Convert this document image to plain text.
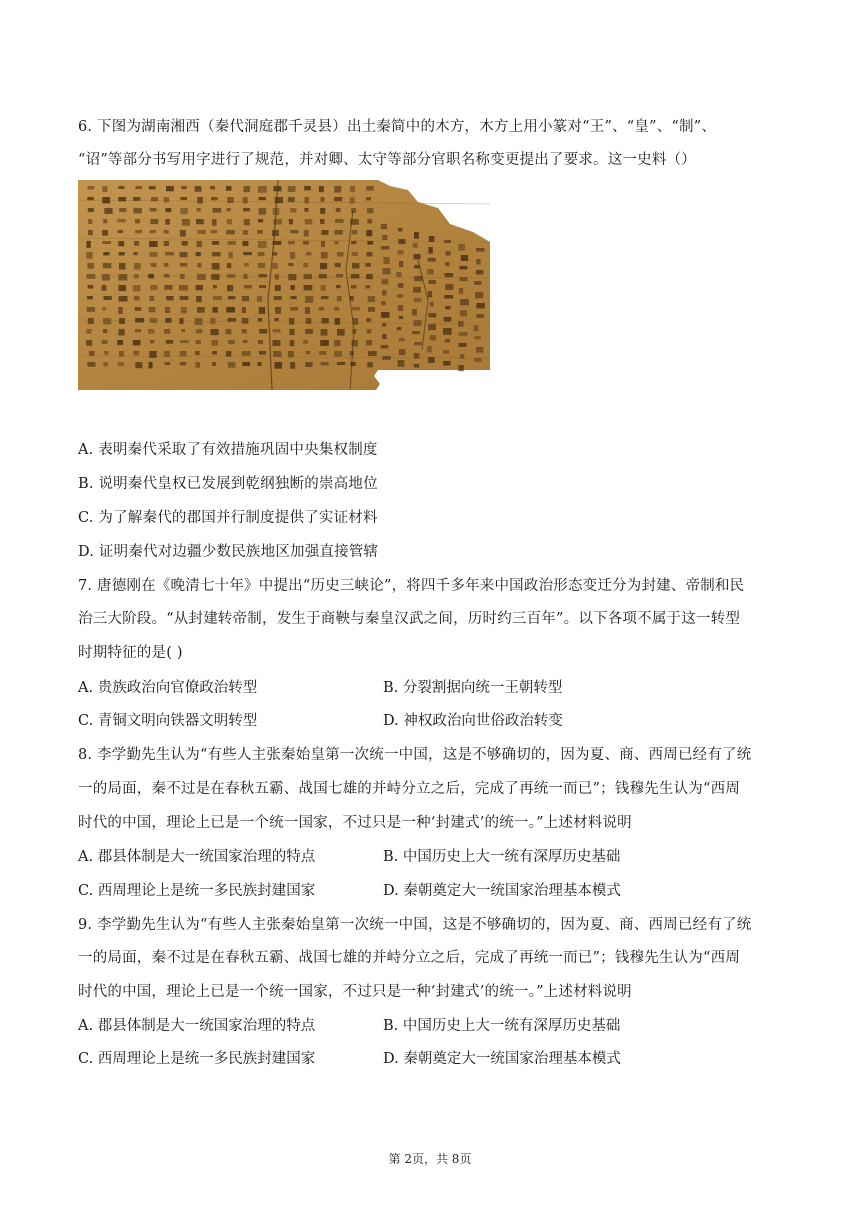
6. 下图为湖南湘西（秦代洞庭郡千灵县）出土秦简中的木方，木方上用小篆对“王”、“皇”、“制”、
“诏”等部分书写用字进行了规范，并对卿、太守等部分官职名称变更提出了要求。这一史料（）
A. 表明秦代采取了有效措施巩固中央集权制度
B. 说明秦代皇权已发展到乾纲独断的崇高地位
C. 为了解秦代的郡国并行制度提供了实证材料
D. 证明秦代对边疆少数民族地区加强直接管辖
7. 唐德刚在《晚清七十年》中提出“历史三峡论”，将四千多年来中国政治形态变迁分为封建、帝制和民
治三大阶段。“从封建转帝制，发生于商鞅与秦皇汉武之间，历时约三百年”。以下各项不属于这一转型
时期特征的是( )
A. 贵族政治向官僚政治转型	B. 分裂割据向统一王朝转型
C. 青铜文明向铁器文明转型	D. 神权政治向世俗政治转变
8. 李学勤先生认为“有些人主张秦始皇第一次统一中国，这是不够确切的，因为夏、商、西周已经有了统
一的局面，秦不过是在春秋五霸、战国七雄的并峙分立之后，完成了再统一而已”；钱穆先生认为“西周
时代的中国，理论上已是一个统一国家，不过只是一种‘封建式’的统一。”上述材料说明
A. 郡县体制是大一统国家治理的特点	B. 中国历史上大一统有深厚历史基础
C. 西周理论上是统一多民族封建国家	D. 秦朝奠定大一统国家治理基本模式
9. 李学勤先生认为“有些人主张秦始皇第一次统一中国，这是不够确切的，因为夏、商、西周已经有了统
一的局面，秦不过是在春秋五霸、战国七雄的并峙分立之后，完成了再统一而已”；钱穆先生认为“西周
时代的中国，理论上已是一个统一国家，不过只是一种‘封建式’的统一。”上述材料说明
A. 郡县体制是大一统国家治理的特点	B. 中国历史上大一统有深厚历史基础
C. 西周理论上是统一多民族封建国家	D. 秦朝奠定大一统国家治理基本模式
第 2页，共 8页
